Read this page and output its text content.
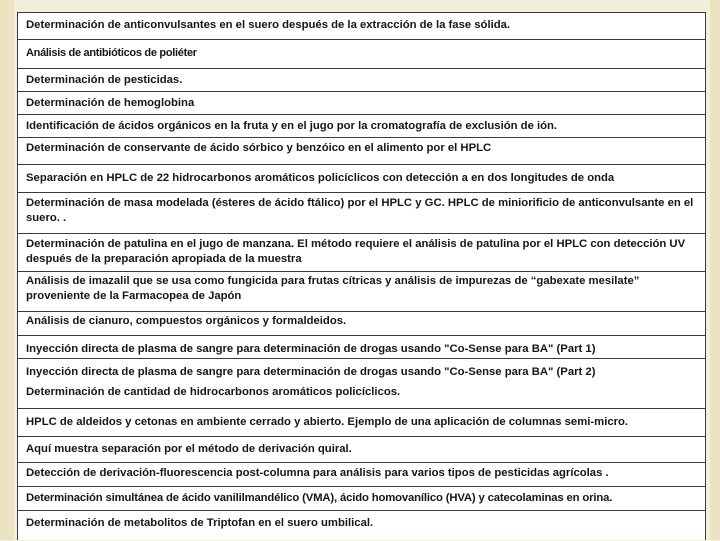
Determinación de anticonvulsantes en el suero después de la extracción de la fase sólida.
Análisis de antibióticos de poliéter
Determinación de pesticidas.
Determinación de hemoglobina
Identificación de ácidos orgánicos en la fruta y en el jugo por la cromatografía de exclusión de ión.
Determinación de conservante de ácido sórbico y benzóico en el alimento por el HPLC
Separación en HPLC de 22 hidrocarbonos aromáticos policíclicos con detección a en dos longitudes de onda
Determinación de masa modelada (ésteres de ácido ftálico) por el HPLC y GC. HPLC de miniorificio de anticonvulsante en el suero. .
Determinación de patulina en el jugo de manzana. El método requiere el análisis de patulina por el HPLC con detección UV después de la preparación apropiada de la muestra
Análisis de imazalil que se usa como fungicida para frutas cítricas y análisis de impurezas de “gabexate mesilate” proveniente de la Farmacopea de Japón
Análisis de cianuro, compuestos orgánicos y formaldeidos.
Inyección directa de plasma de sangre para determinación de drogas usando "Co-Sense para BA" (Part 1)
Inyección directa de plasma de sangre para determinación de drogas usando "Co-Sense para BA" (Part 2)
Determinación de cantidad de hidrocarbonos aromáticos policíclicos.
HPLC de aldeidos y cetonas en ambiente cerrado y abierto. Ejemplo de una aplicación de columnas semi-micro.
Aquí muestra separación por el método de derivación quiral.
Detección de derivación-fluorescencia post-columna para análisis para varios tipos de pesticidas agrícolas .
Determinación simultánea de ácido vanililmandélico (VMA), ácido homovanílico (HVA) y catecolaminas en orina.
Determinación de metabolitos de Triptofan en el suero umbilical.
